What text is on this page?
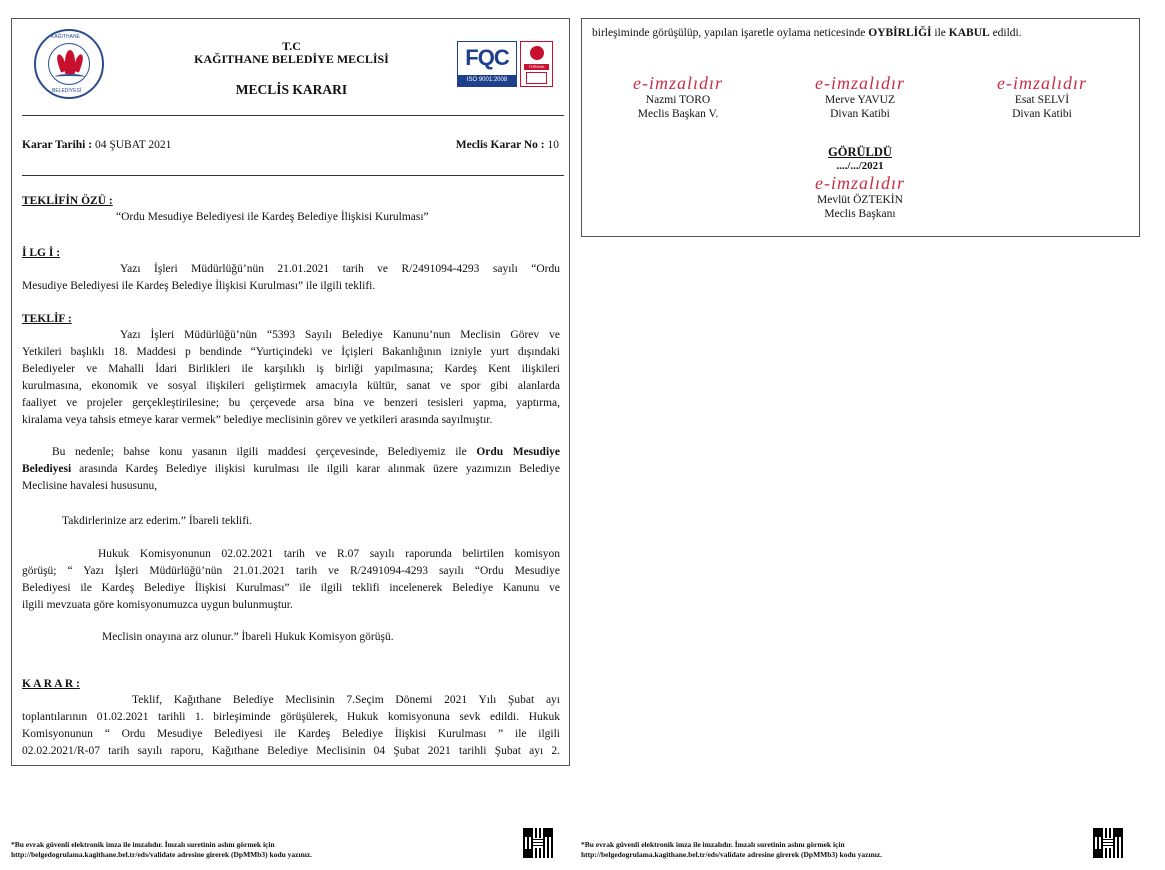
KAĞITHANE
BELEDİYESİ
T.C
KAĞITHANE BELEDİYE MECLİSİ
MECLİS KARARI
FQC
ISO 9001:2008
TÜRKAK
Karar Tarihi : 04 ŞUBAT 2021	Meclis Karar No : 10
TEKLİFİN ÖZÜ :
“Ordu Mesudiye Belediyesi ile Kardeş Belediye İlişkisi Kurulması”
İ LG İ :
Yazı İşleri Müdürlüğü’nün 21.01.2021 tarih ve R/2491094-4293 sayılı “Ordu
Mesudiye Belediyesi ile Kardeş Belediye İlişkisi Kurulması” ile ilgili teklifi.
TEKLİF :
Yazı İşleri Müdürlüğü’nün “5393 Sayılı Belediye Kanunu’nun Meclisin Görev ve
Yetkileri başlıklı 18. Maddesi p bendinde “Yurtiçindeki ve İçişleri Bakanlığının izniyle yurt dışındaki
Belediyeler ve Mahalli İdari Birlikleri ile karşılıklı iş birliği yapılmasına; Kardeş Kent ilişkileri
kurulmasına, ekonomik ve sosyal ilişkileri geliştirmek amacıyla kültür, sanat ve spor gibi alanlarda
faaliyet ve projeler gerçekleştirilesine; bu çerçevede arsa bina ve benzeri tesisleri yapma, yaptırma,
kiralama veya tahsis etmeye karar vermek” belediye meclisinin görev ve yetkileri arasında sayılmıştır.
Bu nedenle; bahse konu yasanın ilgili maddesi çerçevesinde, Belediyemiz ile Ordu Mesudiye
Belediyesi arasında Kardeş Belediye ilişkisi kurulması ile ilgili karar alınmak üzere yazımızın Belediye
Meclisine havalesi hususunu,
Takdirlerinize arz ederim.” İbareli teklifi.
Hukuk Komisyonunun 02.02.2021 tarih ve R.07 sayılı raporunda belirtilen komisyon
görüşü; “ Yazı İşleri Müdürlüğü’nün 21.01.2021 tarih ve R/2491094-4293 sayılı “Ordu Mesudiye
Belediyesi ile Kardeş Belediye İlişkisi Kurulması” ile ilgili teklifi incelenerek Belediye Kanunu ve
ilgili mevzuata göre komisyonumuzca uygun bulunmuştur.
Meclisin onayına arz olunur.” İbareli Hukuk Komisyon görüşü.
K A R A R :
Teklif, Kağıthane Belediye Meclisinin 7.Seçim Dönemi 2021 Yılı Şubat ayı
toplantılarının 01.02.2021 tarihli 1. birleşiminde görüşülerek, Hukuk komisyonuna sevk edildi. Hukuk
Komisyonunun “ Ordu Mesudiye Belediyesi ile Kardeş Belediye İlişkisi Kurulması ” ile ilgili
02.02.2021/R-07 tarih sayılı raporu, Kağıthane Belediye Meclisinin 04 Şubat 2021 tarihli Şubat ayı 2.
birleşiminde görüşülüp, yapılan işaretle oylama neticesinde OYBİRLİĞİ ile KABUL edildi.
e-imzalıdır
Nazmi TORO
Meclis Başkan V.
e-imzalıdır
Merve YAVUZ
Divan Katibi
e-imzalıdır
Esat SELVİ
Divan Katibi
GÖRÜLDÜ
..../.../2021
e-imzalıdır
Mevlüt ÖZTEKİN
Meclis Başkanı
*Bu evrak güvenli elektronik imza ile imzalıdır. İmzalı suretinin aslını görmek için
http://belgedogrulama.kagithane.bel.tr/eds/validate adresine girerek (DpMMb3) kodu yazınız.
*Bu evrak güvenli elektronik imza ile imzalıdır. İmzalı suretinin aslını görmek için
http://belgedogrulama.kagithane.bel.tr/eds/validate adresine girerek (DpMMb3) kodu yazınız.
